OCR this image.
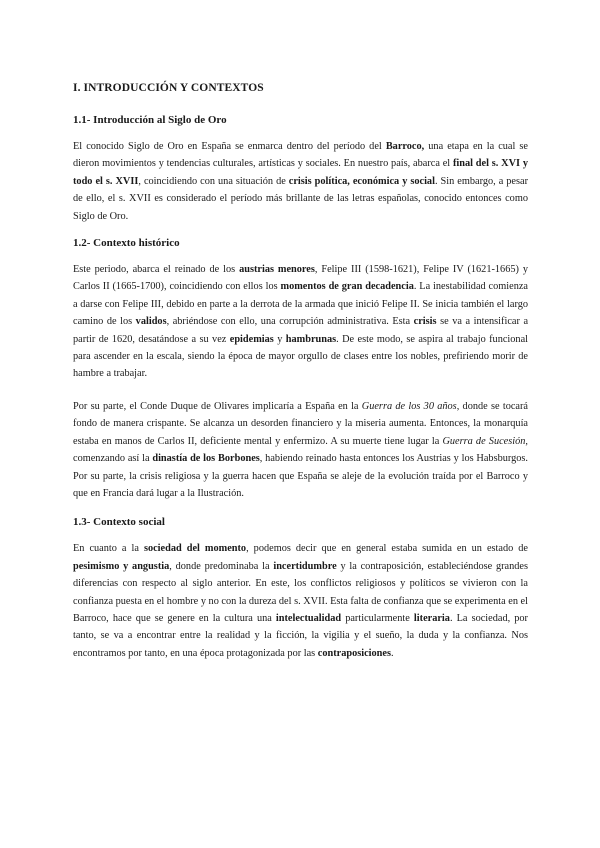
I. INTRODUCCIÓN Y CONTEXTOS
1.1- Introducción al Siglo de Oro

El conocido Siglo de Oro en España se enmarca dentro del período del Barroco, una etapa en la cual se dieron movimientos y tendencias culturales, artísticas y sociales. En nuestro país, abarca el final del s. XVI y todo el s. XVII, coincidiendo con una situación de crisis política, económica y social. Sin embargo, a pesar de ello, el s. XVII es considerado el período más brillante de las letras españolas, conocido entonces como Siglo de Oro.

1.2- Contexto histórico

Este periodo, abarca el reinado de los austrias menores, Felipe III (1598-1621), Felipe IV (1621-1665) y Carlos II (1665-1700), coincidiendo con ellos los momentos de gran decadencia. La inestabilidad comienza a darse con Felipe III, debido en parte a la derrota de la armada que inició Felipe II. Se inicia también el largo camino de los validos, abriéndose con ello, una corrupción administrativa. Esta crisis se va a intensificar a partir de 1620, desatándose a su vez epidemias y hambrunas. De este modo, se aspira al trabajo funcional para ascender en la escala, siendo la época de mayor orgullo de clases entre los nobles, prefiriendo morir de hambre a trabajar.

Por su parte, el Conde Duque de Olivares implicaría a España en la Guerra de los 30 años, donde se tocará fondo de manera crispante. Se alcanza un desorden financiero y la miseria aumenta. Entonces, la monarquía estaba en manos de Carlos II, deficiente mental y enfermizo. A su muerte tiene lugar la Guerra de Sucesión, comenzando así la dinastía de los Borbones, habiendo reinado hasta entonces los Austrias y los Habsburgos. Por su parte, la crisis religiosa y la guerra hacen que España se aleje de la evolución traída por el Barroco y que en Francia dará lugar a la Ilustración.

1.3- Contexto social

En cuanto a la sociedad del momento, podemos decir que en general estaba sumida en un estado de pesimismo y angustia, donde predominaba la incertidumbre y la contraposición, estableciéndose grandes diferencias con respecto al siglo anterior. En este, los conflictos religiosos y políticos se vivieron con la confianza puesta en el hombre y no con la dureza del s. XVII. Esta falta de confianza que se experimenta en el Barroco, hace que se genere en la cultura una intelectualidad particularmente literaria. La sociedad, por tanto, se va a encontrar entre la realidad y la ficción, la vigilia y el sueño, la duda y la confianza. Nos encontramos por tanto, en una época protagonizada por las contraposiciones.
